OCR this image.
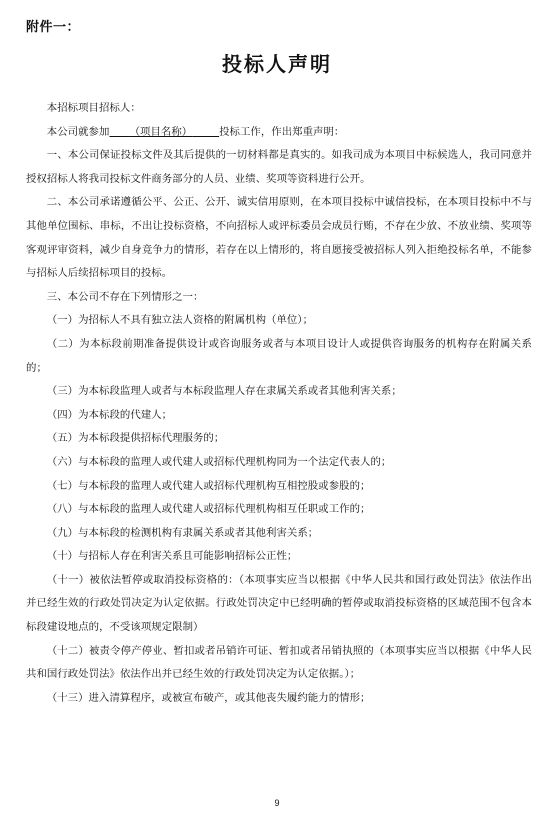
附件一：
投标人声明

本招标项目招标人：

本公司就参加 （项目名称）	投标工作，作出郑重声明：

一、本公司保证投标文件及其后提供的一切材料都是真实的。如我司成为本项目中标候选人，我司同意并授权招标人将我司投标文件商务部分的人员、业绩、奖项等资料进行公开。

二、本公司承诺遵循公平、公正、公开、诚实信用原则，在本项目投标中诚信投标，在本项目投标中不与其他单位围标、串标，不出让投标资格，不向招标人或评标委员会成员行贿，不存在少放、不放业绩、奖项等客观评审资料，减少自身竞争力的情形，若存在以上情形的，将自愿接受被招标人列入拒绝投标名单，不能参与招标人后续招标项目的投标。

三、本公司不存在下列情形之一：

（一）为招标人不具有独立法人资格的附属机构（单位）；

（二）为本标段前期准备提供设计或咨询服务或者与本项目设计人或提供咨询服务的机构存在附属关系的；

（三）为本标段监理人或者与本标段监理人存在隶属关系或者其他利害关系；

（四）为本标段的代建人；

（五）为本标段提供招标代理服务的；

（六）与本标段的监理人或代建人或招标代理机构同为一个法定代表人的；

（七）与本标段的监理人或代建人或招标代理机构互相控股或参股的；

（八）与本标段的监理人或代建人或招标代理机构相互任职或工作的；

（九）与本标段的检测机构有隶属关系或者其他利害关系；

（十）与招标人存在利害关系且可能影响招标公正性；

（十一）被依法暂停或取消投标资格的：（本项事实应当以根据《中华人民共和国行政处罚法》依法作出并已经生效的行政处罚决定为认定依据。行政处罚决定中已经明确的暂停或取消投标资格的区域范围不包含本标段建设地点的，不受该项规定限制）

（十二）被责令停产停业、暂扣或者吊销许可证、暂扣或者吊销执照的（本项事实应当以根据《中华人民共和国行政处罚法》依法作出并已经生效的行政处罚决定为认定依据。）；

（十三）进入清算程序，或被宣布破产，或其他丧失履约能力的情形；

9
